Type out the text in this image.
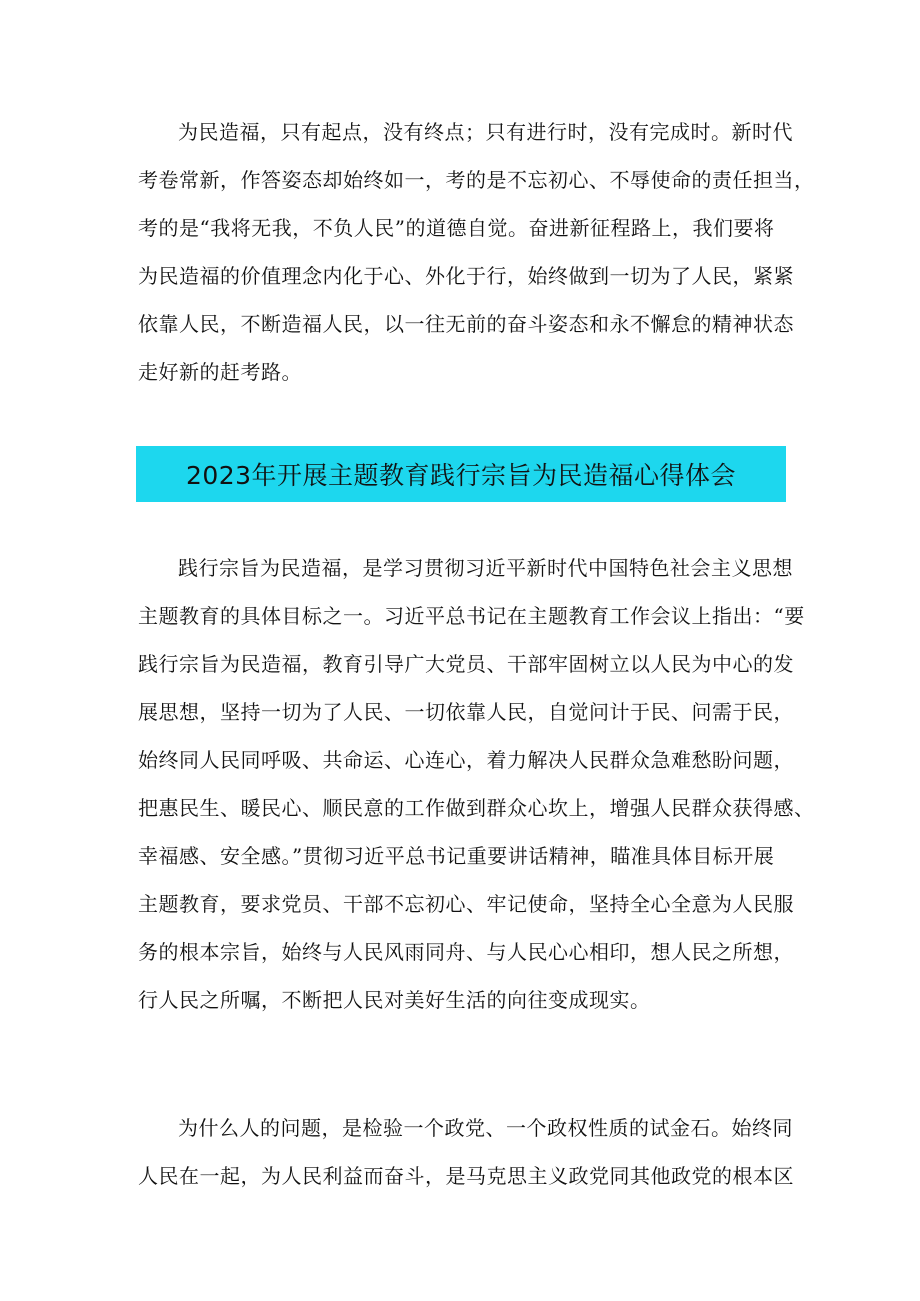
为民造福，只有起点，没有终点；只有进行时，没有完成时。新时代
考卷常新，作答姿态却始终如一，考的是不忘初心、不辱使命的责任担当，
考的是“我将无我，不负人民”的道德自觉。奋进新征程路上，我们要将
为民造福的价值理念内化于心、外化于行，始终做到一切为了人民，紧紧
依靠人民，不断造福人民，以一往无前的奋斗姿态和永不懈怠的精神状态
走好新的赶考路。
2023年开展主题教育践行宗旨为民造福心得体会
践行宗旨为民造福，是学习贯彻习近平新时代中国特色社会主义思想
主题教育的具体目标之一。习近平总书记在主题教育工作会议上指出：“要
践行宗旨为民造福，教育引导广大党员、干部牢固树立以人民为中心的发
展思想，坚持一切为了人民、一切依靠人民，自觉问计于民、问需于民，
始终同人民同呼吸、共命运、心连心，着力解决人民群众急难愁盼问题，
把惠民生、暖民心、顺民意的工作做到群众心坎上，增强人民群众获得感、
幸福感、安全感。”贯彻习近平总书记重要讲话精神，瞄准具体目标开展
主题教育，要求党员、干部不忘初心、牢记使命，坚持全心全意为人民服
务的根本宗旨，始终与人民风雨同舟、与人民心心相印，想人民之所想，
行人民之所嘱，不断把人民对美好生活的向往变成现实。
为什么人的问题，是检验一个政党、一个政权性质的试金石。始终同
人民在一起，为人民利益而奋斗，是马克思主义政党同其他政党的根本区
